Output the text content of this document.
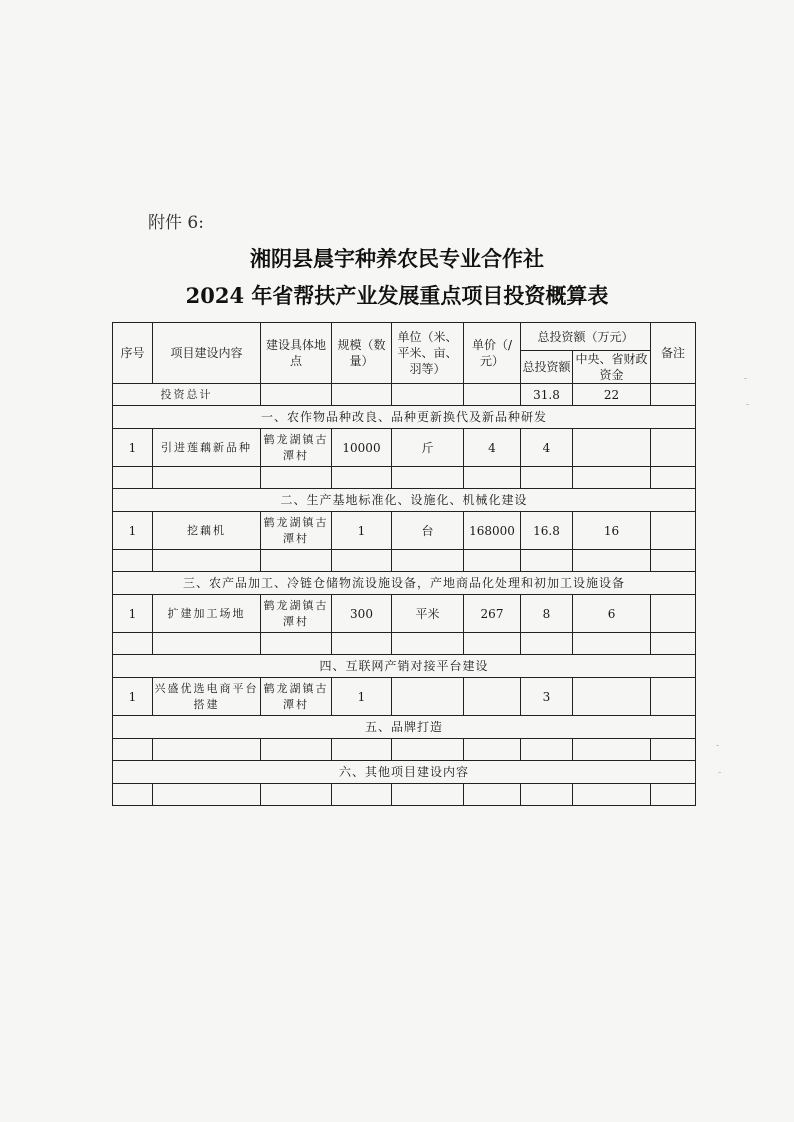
附件 6:
湘阴县晨宇种养农民专业合作社
2024 年省帮扶产业发展重点项目投资概算表
序号	项目建设内容	建设具体地点	规模（数量）	单位（米、平米、亩、羽等）	单价（/元）	总投资额（万元）		备注
						总投资额	中央、省财政资金	
投资总计						31.8	22	
一、农作物品种改良、品种更新换代及新品种研发								
1	引进莲藕新品种	鹤龙湖镇古潭村	10000	斤	4	4		

二、生产基地标准化、设施化、机械化建设								
1	挖藕机	鹤龙湖镇古潭村	1	台	168000	16.8	16	

三、农产品加工、冷链仓储物流设施设备，产地商品化处理和初加工设施设备								
1	扩建加工场地	鹤龙湖镇古潭村	300	平米	267	8	6	

四、互联网产销对接平台建设								
1	兴盛优选电商平台搭建	鹤龙湖镇古潭村	1			3		
五、品牌打造								

六、其他项目建设内容								
